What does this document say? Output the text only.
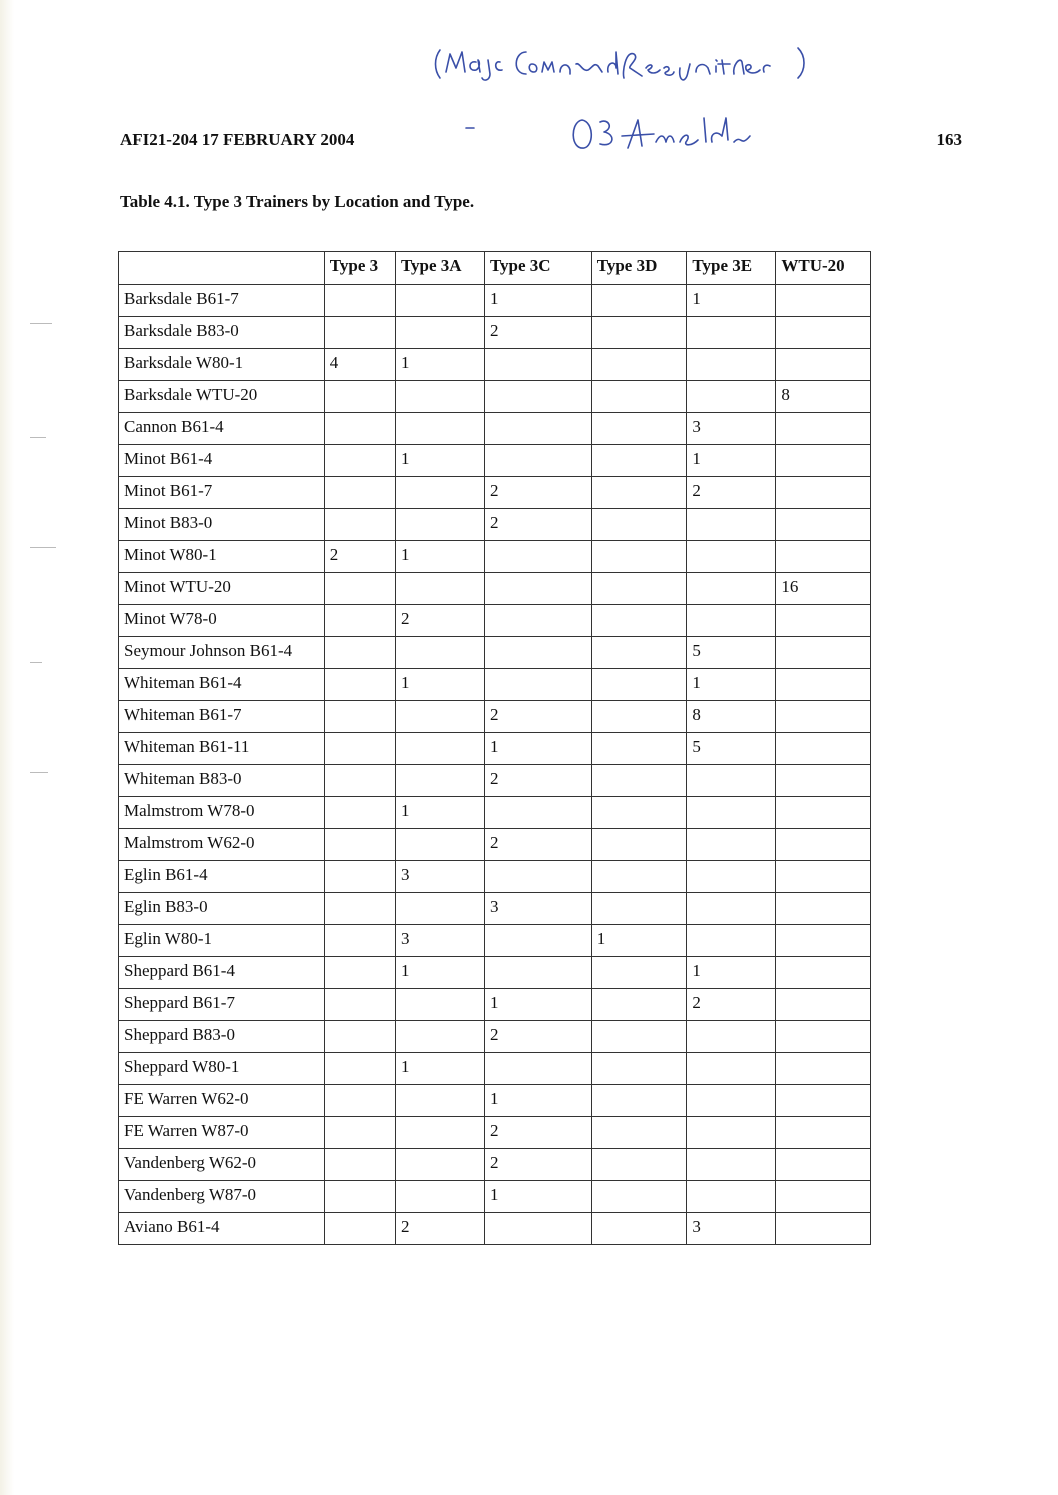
AFI21-204 17 FEBRUARY 2004	163
Table 4.1. Type 3 Trainers by Location and Type.
	Type 3	Type 3A	Type 3C	Type 3D	Type 3E	WTU-20
Barksdale B61-7			1		1	
Barksdale B83-0			2			
Barksdale W80-1	4	1				
Barksdale WTU-20						8
Cannon B61-4					3	
Minot B61-4		1			1	
Minot B61-7			2		2	
Minot B83-0			2			
Minot W80-1	2	1				
Minot WTU-20						16
Minot W78-0		2				
Seymour Johnson B61-4					5	
Whiteman B61-4		1			1	
Whiteman B61-7			2		8	
Whiteman B61-11			1		5	
Whiteman B83-0			2			
Malmstrom W78-0		1				
Malmstrom W62-0			2			
Eglin B61-4		3				
Eglin B83-0			3			
Eglin W80-1		3		1		
Sheppard B61-4		1			1	
Sheppard B61-7			1		2	
Sheppard B83-0			2			
Sheppard W80-1		1				
FE Warren W62-0			1			
FE Warren W87-0			2			
Vandenberg W62-0			2			
Vandenberg W87-0			1			
Aviano B61-4		2			3	
